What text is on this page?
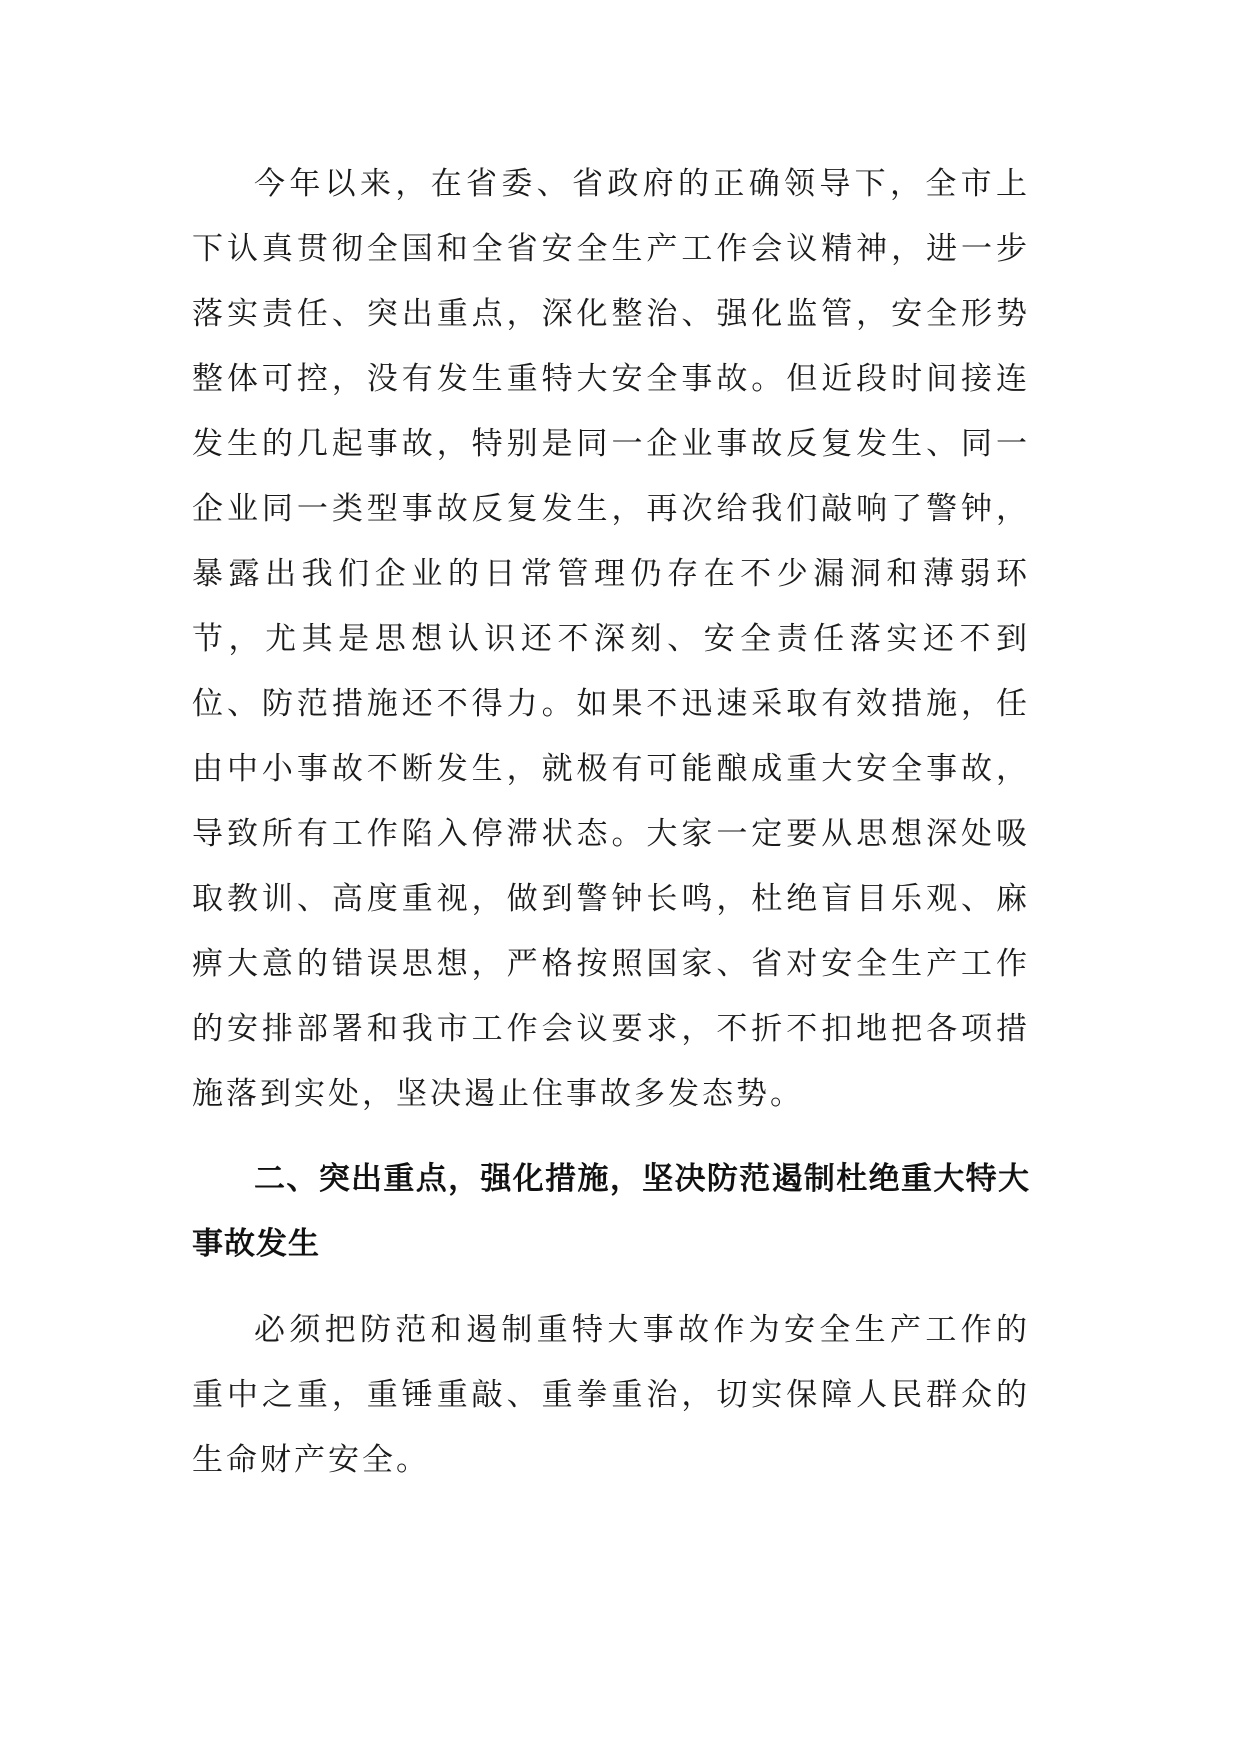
今年以来，在省委、省政府的正确领导下，全市上下认真贯彻全国和全省安全生产工作会议精神，进一步落实责任、突出重点，深化整治、强化监管，安全形势整体可控，没有发生重特大安全事故。但近段时间接连发生的几起事故，特别是同一企业事故反复发生、同一企业同一类型事故反复发生，再次给我们敲响了警钟，暴露出我们企业的日常管理仍存在不少漏洞和薄弱环节，尤其是思想认识还不深刻、安全责任落实还不到位、防范措施还不得力。如果不迅速采取有效措施，任由中小事故不断发生，就极有可能酿成重大安全事故，导致所有工作陷入停滞状态。大家一定要从思想深处吸取教训、高度重视，做到警钟长鸣，杜绝盲目乐观、麻痹大意的错误思想，严格按照国家、省对安全生产工作的安排部署和我市工作会议要求，不折不扣地把各项措施落到实处，坚决遏止住事故多发态势。

二、突出重点，强化措施，坚决防范遏制杜绝重大特大事故发生

必须把防范和遏制重特大事故作为安全生产工作的重中之重，重锤重敲、重拳重治，切实保障人民群众的生命财产安全。
